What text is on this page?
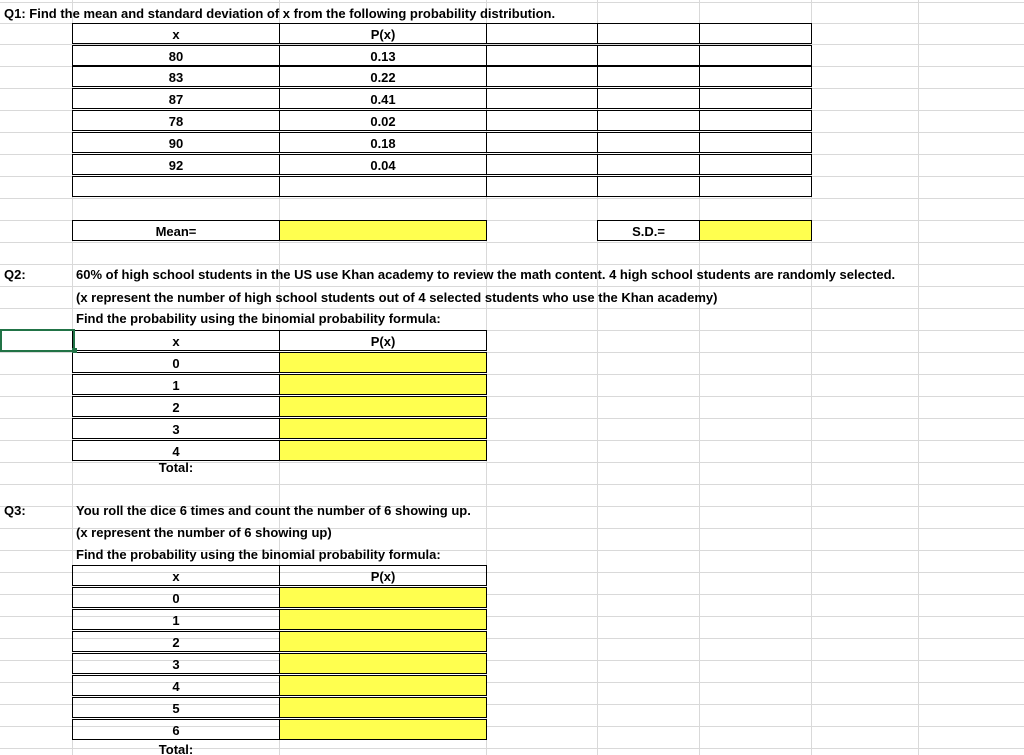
Q1: Find the mean and standard deviation of x from the following probability distribution.
x	P(x)
80	0.13
83	0.22
87	0.41
78	0.02
90	0.18
92	0.04
Mean=	S.D.=
Q2:	60% of high school students in the US use Khan academy to review the math content. 4 high school students are randomly selected.
(x represent the number of high school students out of 4 selected students who use the Khan academy)
Find the probability using the binomial probability formula:
x	P(x)
0
1
2
3
4
Total:
Q3:	You roll the dice 6 times and count the number of 6 showing up.
(x represent the number of 6 showing up)
Find the probability using the binomial probability formula:
x	P(x)
0
1
2
3
4
5
6
Total:
